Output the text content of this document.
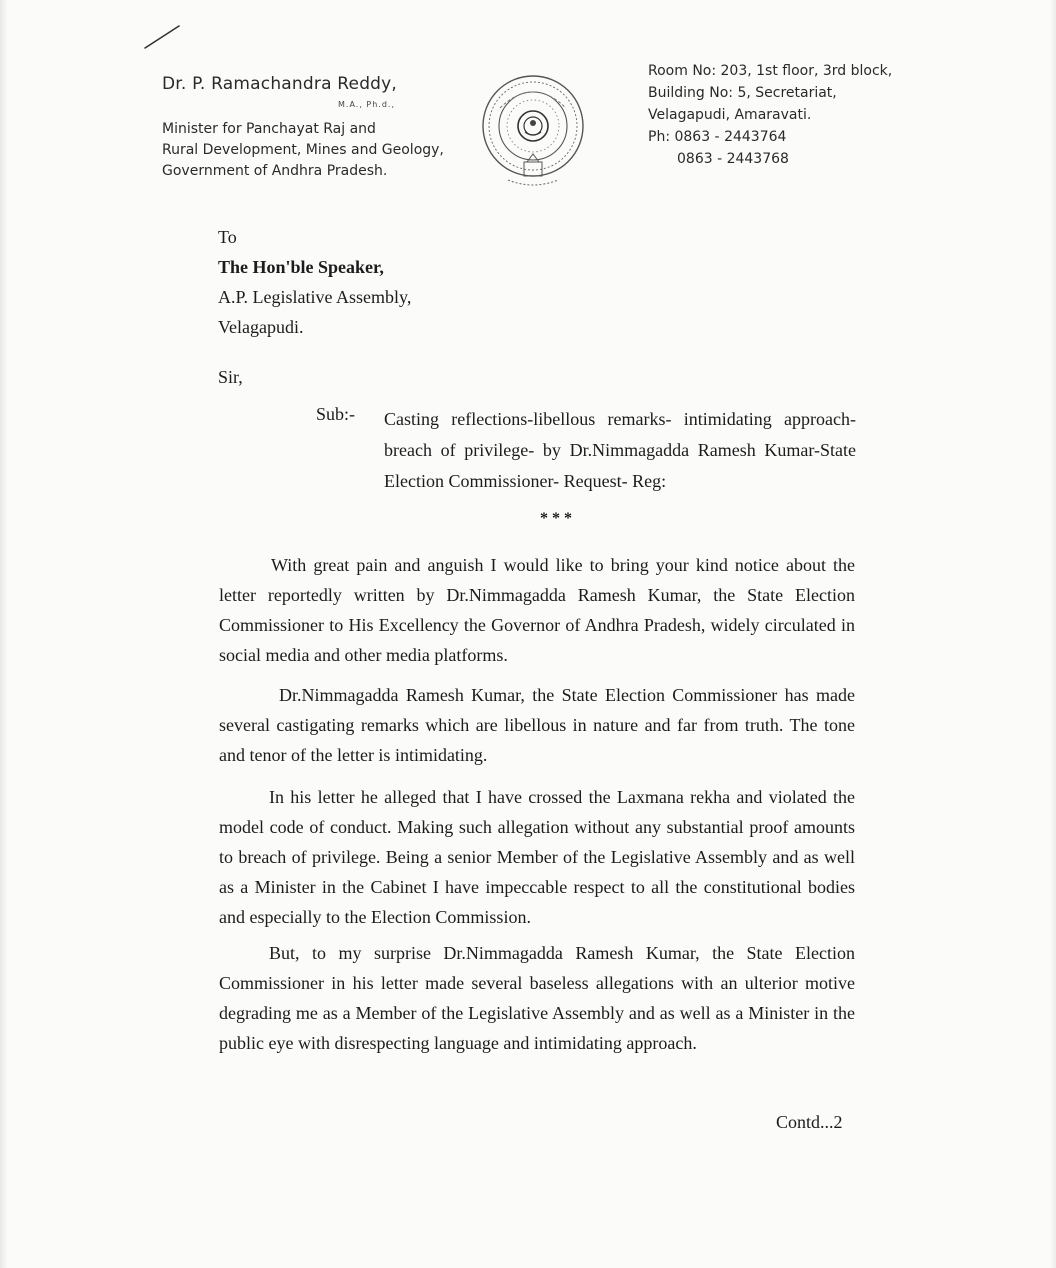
Dr. P. Ramachandra Reddy,
M.A., Ph.d.,
Minister for Panchayat Raj and
Rural Development, Mines and Geology,
Government of Andhra Pradesh.
Room No: 203, 1st floor, 3rd block,
Building No: 5, Secretariat,
Velagapudi, Amaravati.
Ph: 0863 - 2443764
0863 - 2443768
To
The Hon'ble Speaker,
A.P. Legislative Assembly,
Velagapudi.
Sir,
Sub:- Casting reflections-libellous remarks- intimidating approach- breach of privilege- by Dr.Nimmagadda Ramesh Kumar-State Election Commissioner- Request- Reg:
***
With great pain and anguish I would like to bring your kind notice about the letter reportedly written by Dr.Nimmagadda Ramesh Kumar, the State Election Commissioner to His Excellency the Governor of Andhra Pradesh, widely circulated in social media and other media platforms.
Dr.Nimmagadda Ramesh Kumar, the State Election Commissioner has made several castigating remarks which are libellous in nature and far from truth. The tone and tenor of the letter is intimidating.
In his letter he alleged that I have crossed the Laxmana rekha and violated the model code of conduct. Making such allegation without any substantial proof amounts to breach of privilege. Being a senior Member of the Legislative Assembly and as well as a Minister in the Cabinet I have impeccable respect to all the constitutional bodies and especially to the Election Commission.
But, to my surprise Dr.Nimmagadda Ramesh Kumar, the State Election Commissioner in his letter made several baseless allegations with an ulterior motive degrading me as a Member of the Legislative Assembly and as well as a Minister in the public eye with disrespecting language and intimidating approach.
Contd...2
